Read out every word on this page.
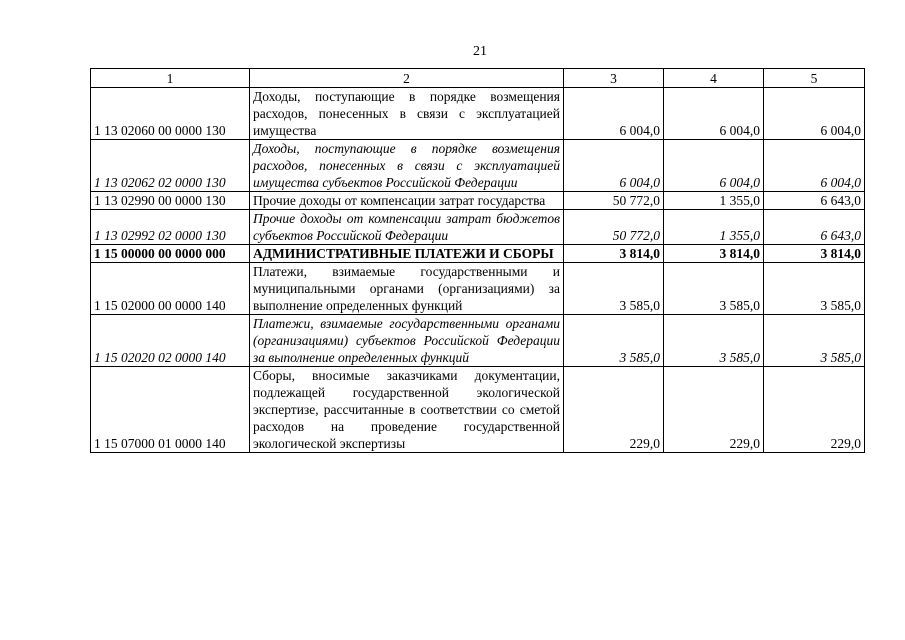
21
1	2	3	4	5
1 13 02060 00 0000 130	Доходы, поступающие в порядке возмещения расходов, понесенных в связи с эксплуатацией имущества	6 004,0	6 004,0	6 004,0
1 13 02062 02 0000 130	Доходы, поступающие в порядке возмещения расходов, понесенных в связи с эксплуатацией имущества субъектов Российской Федерации	6 004,0	6 004,0	6 004,0
1 13 02990 00 0000 130	Прочие доходы от компенсации затрат государства	50 772,0	1 355,0	6 643,0
1 13 02992 02 0000 130	Прочие доходы от компенсации затрат бюджетов субъектов Российской Федерации	50 772,0	1 355,0	6 643,0
1 15 00000 00 0000 000	АДМИНИСТРАТИВНЫЕ ПЛАТЕЖИ И СБОРЫ	3 814,0	3 814,0	3 814,0
1 15 02000 00 0000 140	Платежи, взимаемые государственными и муниципальными органами (организациями) за выполнение определенных функций	3 585,0	3 585,0	3 585,0
1 15 02020 02 0000 140	Платежи, взимаемые государственными органами (организациями) субъектов Российской Федерации за выполнение определенных функций	3 585,0	3 585,0	3 585,0
1 15 07000 01 0000 140	Сборы, вносимые заказчиками документации, подлежащей государственной экологической экспертизе, рассчитанные в соответствии со сметой расходов на проведение государственной экологической экспертизы	229,0	229,0	229,0
